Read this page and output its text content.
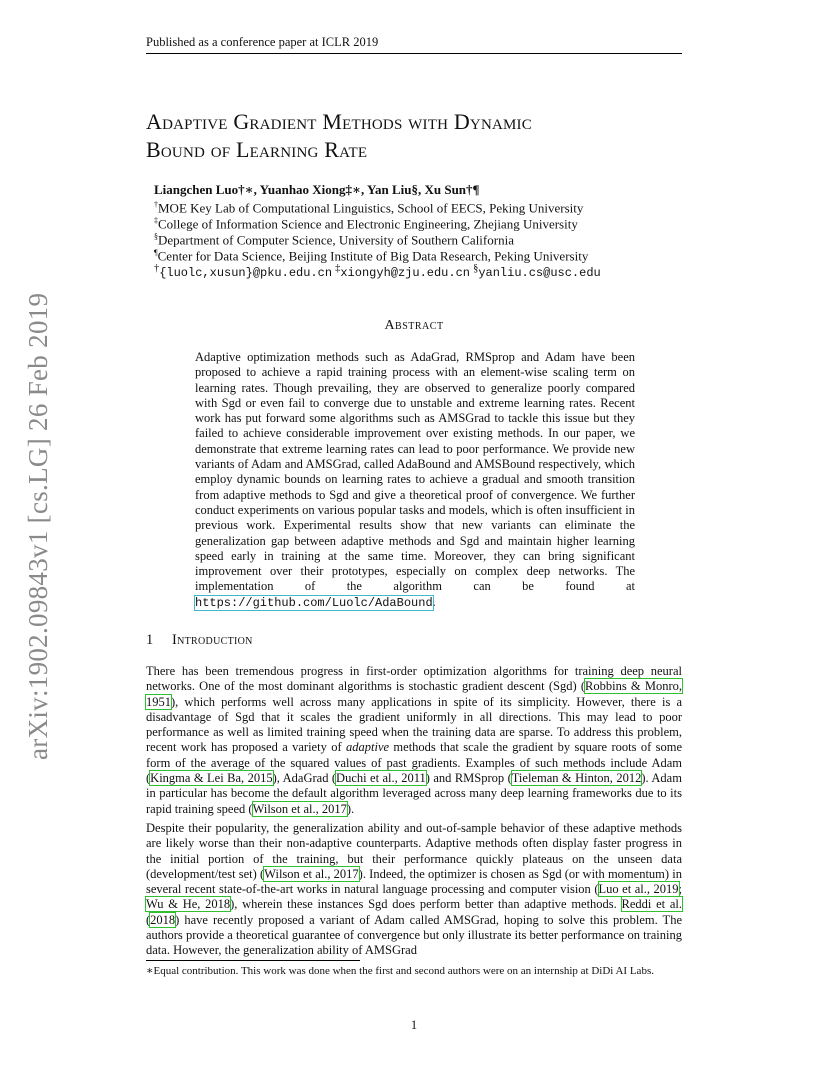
Published as a conference paper at ICLR 2019
arXiv:1902.09843v1 [cs.LG] 26 Feb 2019
Adaptive Gradient Methods with Dynamic
Bound of Learning Rate
Liangchen Luo†∗, Yuanhao Xiong‡∗, Yan Liu§, Xu Sun†¶
†MOE Key Lab of Computational Linguistics, School of EECS, Peking University
‡College of Information Science and Electronic Engineering, Zhejiang University
§Department of Computer Science, University of Southern California
¶Center for Data Science, Beijing Institute of Big Data Research, Peking University
†{luolc,xusun}@pku.edu.cn ‡xiongyh@zju.edu.cn §yanliu.cs@usc.edu
Abstract
Adaptive optimization methods such as AdaGrad, RMSprop and Adam have been proposed to achieve a rapid training process with an element-wise scaling term on learning rates. Though prevailing, they are observed to generalize poorly compared with Sgd or even fail to converge due to unstable and extreme learning rates. Recent work has put forward some algorithms such as AMSGrad to tackle this issue but they failed to achieve considerable improvement over existing methods. In our paper, we demonstrate that extreme learning rates can lead to poor performance. We provide new variants of Adam and AMSGrad, called AdaBound and AMSBound respectively, which employ dynamic bounds on learning rates to achieve a gradual and smooth transition from adaptive methods to Sgd and give a theoretical proof of convergence. We further conduct experiments on various popular tasks and models, which is often insufficient in previous work. Experimental results show that new variants can eliminate the generalization gap between adaptive methods and Sgd and maintain higher learning speed early in training at the same time. Moreover, they can bring significant improvement over their prototypes, especially on complex deep networks. The implementation of the algorithm can be found at https://github.com/Luolc/AdaBound.
1 Introduction
There has been tremendous progress in first-order optimization algorithms for training deep neural networks. One of the most dominant algorithms is stochastic gradient descent (Sgd) (Robbins & Monro, 1951), which performs well across many applications in spite of its simplicity. However, there is a disadvantage of Sgd that it scales the gradient uniformly in all directions. This may lead to poor performance as well as limited training speed when the training data are sparse. To address this problem, recent work has proposed a variety of adaptive methods that scale the gradient by square roots of some form of the average of the squared values of past gradients. Examples of such methods include Adam (Kingma & Lei Ba, 2015), AdaGrad (Duchi et al., 2011) and RMSprop (Tieleman & Hinton, 2012). Adam in particular has become the default algorithm leveraged across many deep learning frameworks due to its rapid training speed (Wilson et al., 2017).
Despite their popularity, the generalization ability and out-of-sample behavior of these adaptive methods are likely worse than their non-adaptive counterparts. Adaptive methods often display faster progress in the initial portion of the training, but their performance quickly plateaus on the unseen data (development/test set) (Wilson et al., 2017). Indeed, the optimizer is chosen as Sgd (or with momentum) in several recent state-of-the-art works in natural language processing and computer vision (Luo et al., 2019; Wu & He, 2018), wherein these instances Sgd does perform better than adaptive methods. Reddi et al. (2018) have recently proposed a variant of Adam called AMSGrad, hoping to solve this problem. The authors provide a theoretical guarantee of convergence but only illustrate its better performance on training data. However, the generalization ability of AMSGrad
∗Equal contribution. This work was done when the first and second authors were on an internship at DiDi AI Labs.
1
